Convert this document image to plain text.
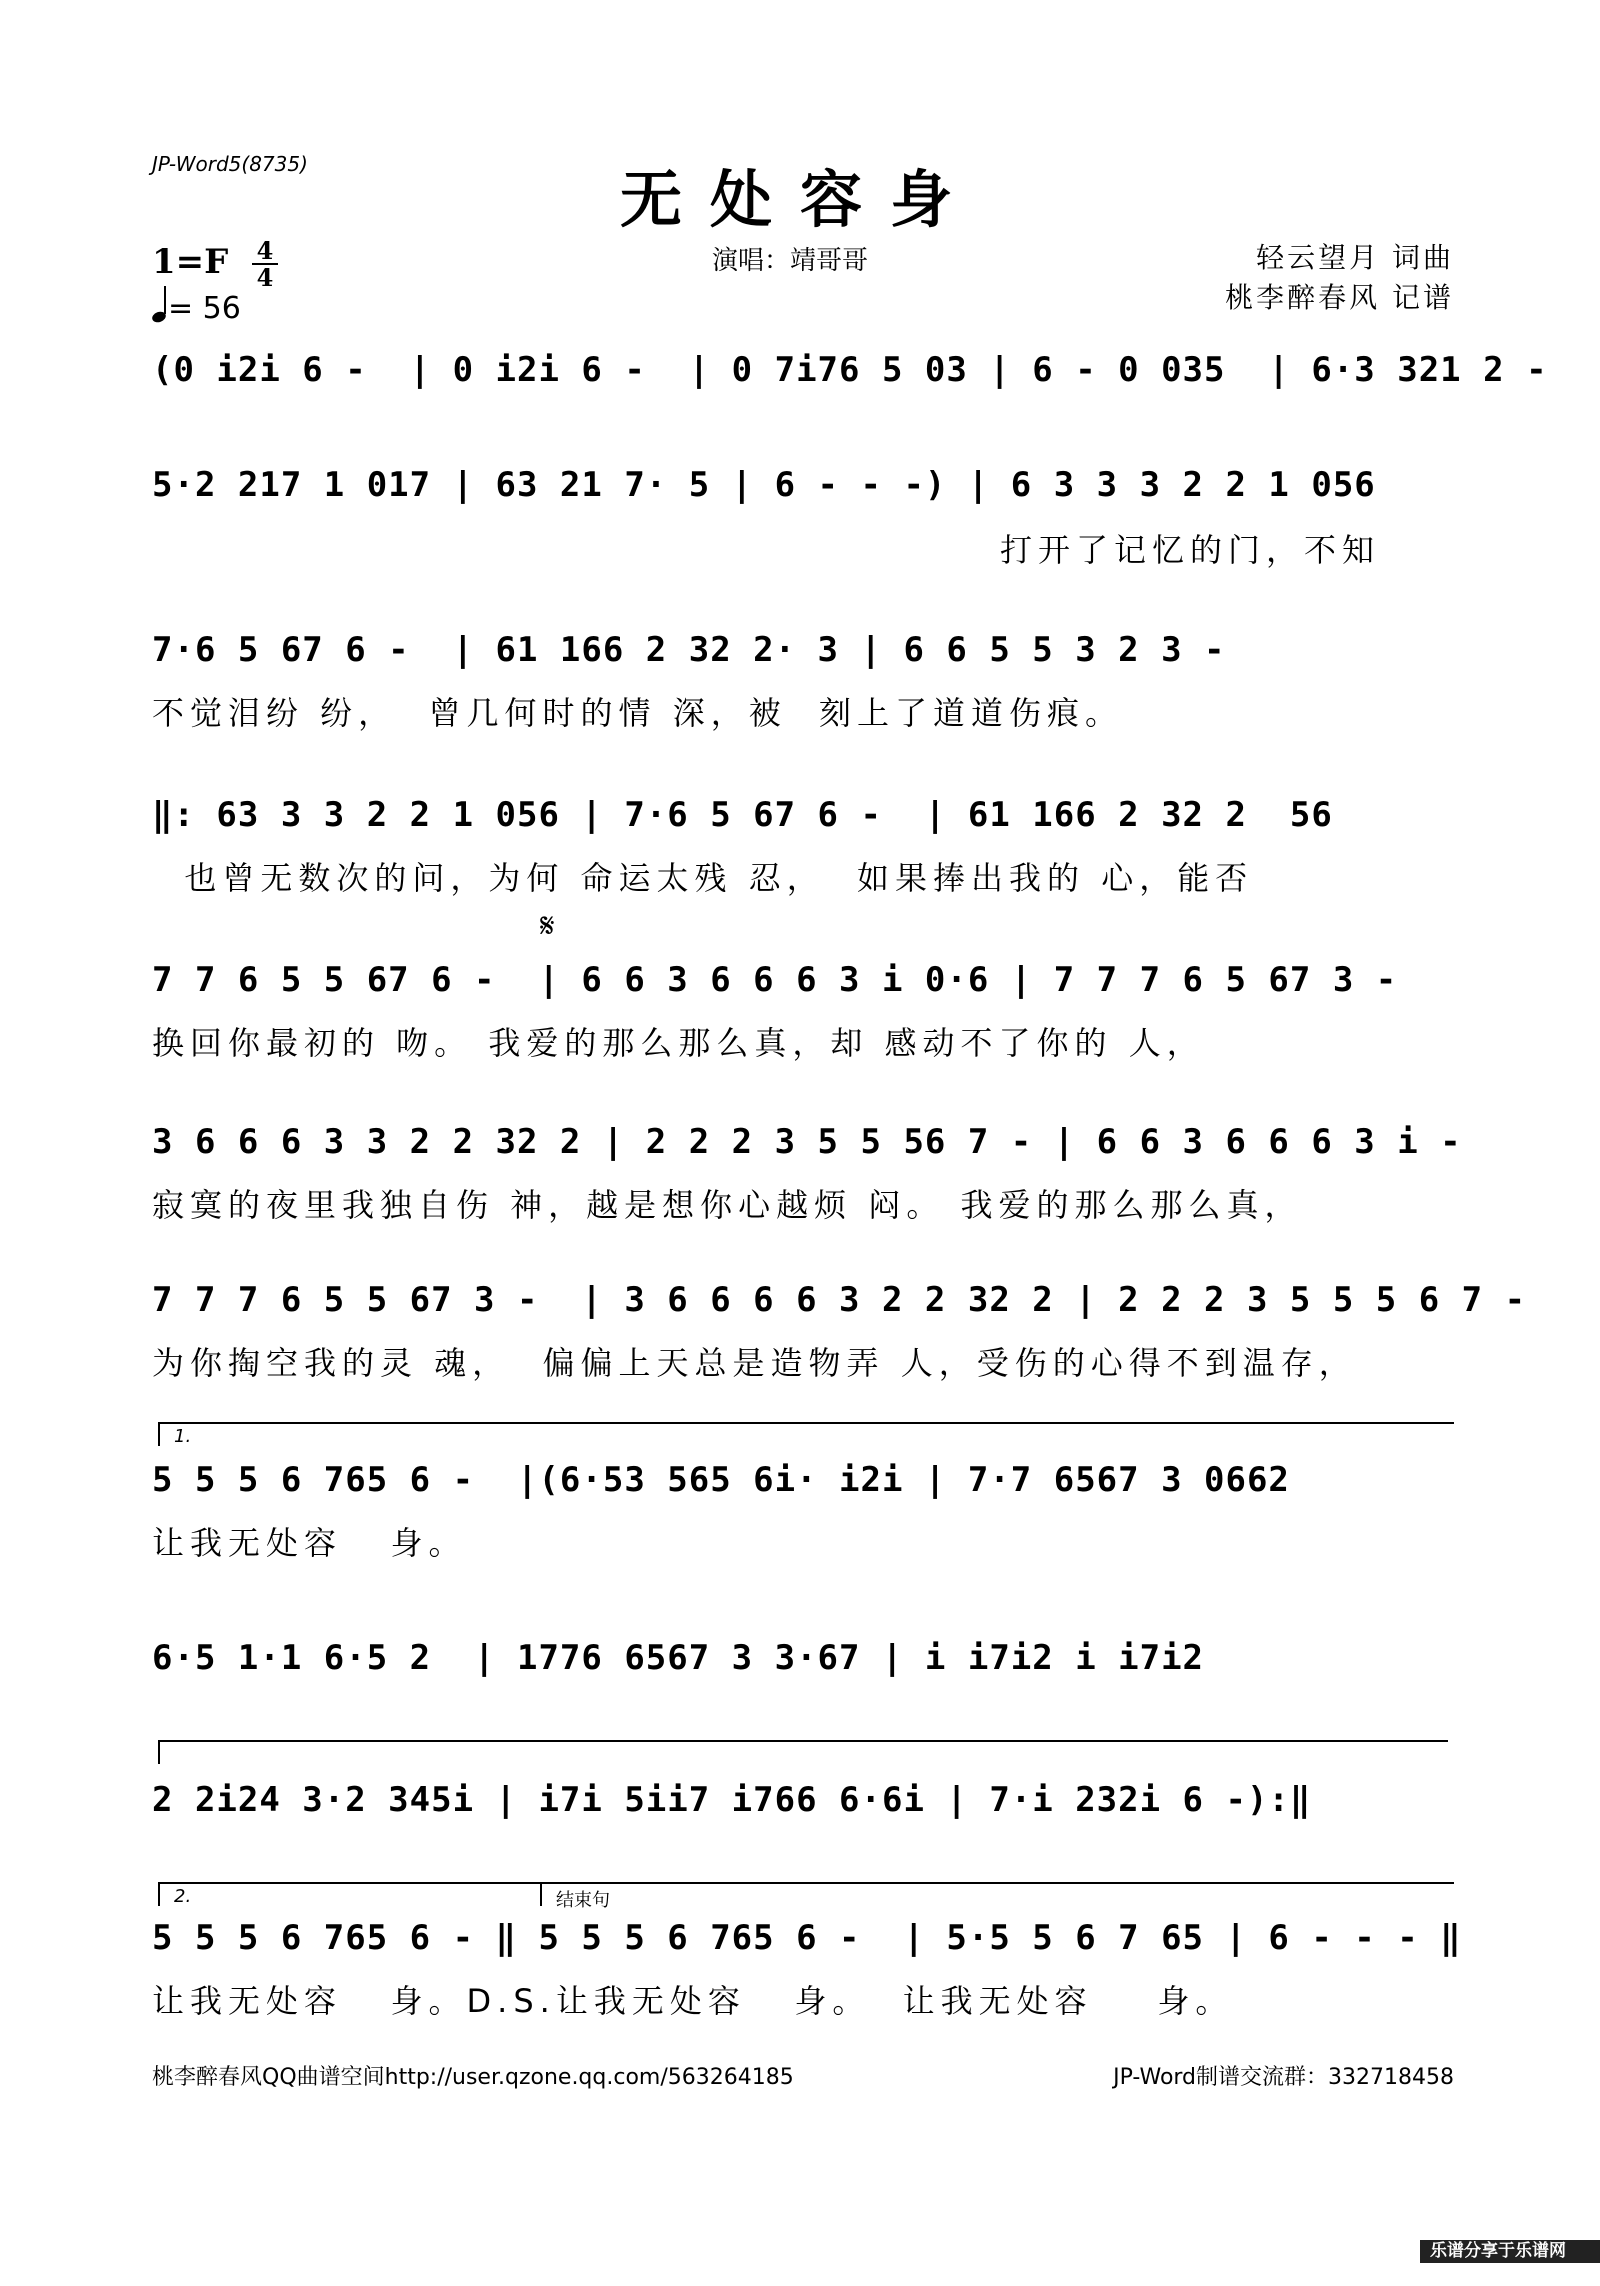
JP-Word5(8735)	无处容身
1=F 4
4
= 56
演唱：靖哥哥	轻云望月 词曲
桃李醉春风 记谱
(0 i2i 6 -  | 0 i2i 6 -  | 0 7i76 5 03 | 6 - 0 035  | 6·3 321 2 -
5·2 217 1 017 | 63 21 7· 5 | 6 - - -) | 6 3 3 3 2 2 1 056
打开了记忆的门，不知
7·6 5 67 6 -  | 61 166 2 32 2· 3 | 6 6 5 5 3 2 3 -
不觉泪纷 纷，  曾几何时的情 深，被  刻上了道道伤痕。
‖: 63 3 3 2 2 1 056 | 7·6 5 67 6 -  | 61 166 2 32 2  56
也曾无数次的问，为何 命运太残 忍，  如果捧出我的 心，能否
𝄋
7 7 6 5 5 67 6 -  | 6 6 3 6 6 6 3 i 0·6 | 7 7 7 6 5 67 3 -
换回你最初的 吻。 我爱的那么那么真，却 感动不了你的 人，
3 6 6 6 3 3 2 2 32 2 | 2 2 2 3 5 5 56 7 - | 6 6 3 6 6 6 3 i -
寂寞的夜里我独自伤 神，越是想你心越烦 闷。 我爱的那么那么真，
7 7 7 6 5 5 67 3 -  | 3 6 6 6 6 3 2 2 32 2 | 2 2 2 3 5 5 5 6 7 -
为你掏空我的灵 魂，  偏偏上天总是造物弄 人，受伤的心得不到温存，
1.
5 5 5 6 765 6 -  |(6·53 565 6i· i2i | 7·7 6567 3 0662
让我无处容   身。
6·5 1·1 6·5 2  | 1776 6567 3 3·67 | i i7i2 i i7i2
2 2i24 3·2 345i | i7i 5ii7 i766 6·6i | 7·i 232i 6 -):‖
2.	结束句
5 5 5 6 765 6 - ‖ 5 5 5 6 765 6 -  | 5·5 5 6 7 65 | 6 - - - ‖
让我无处容   身。D.S.让我无处容   身。  让我无处容    身。
桃李醉春风QQ曲谱空间http://user.qzone.qq.com/563264185	JP-Word制谱交流群：332718458
乐谱分享于乐谱网 ww
